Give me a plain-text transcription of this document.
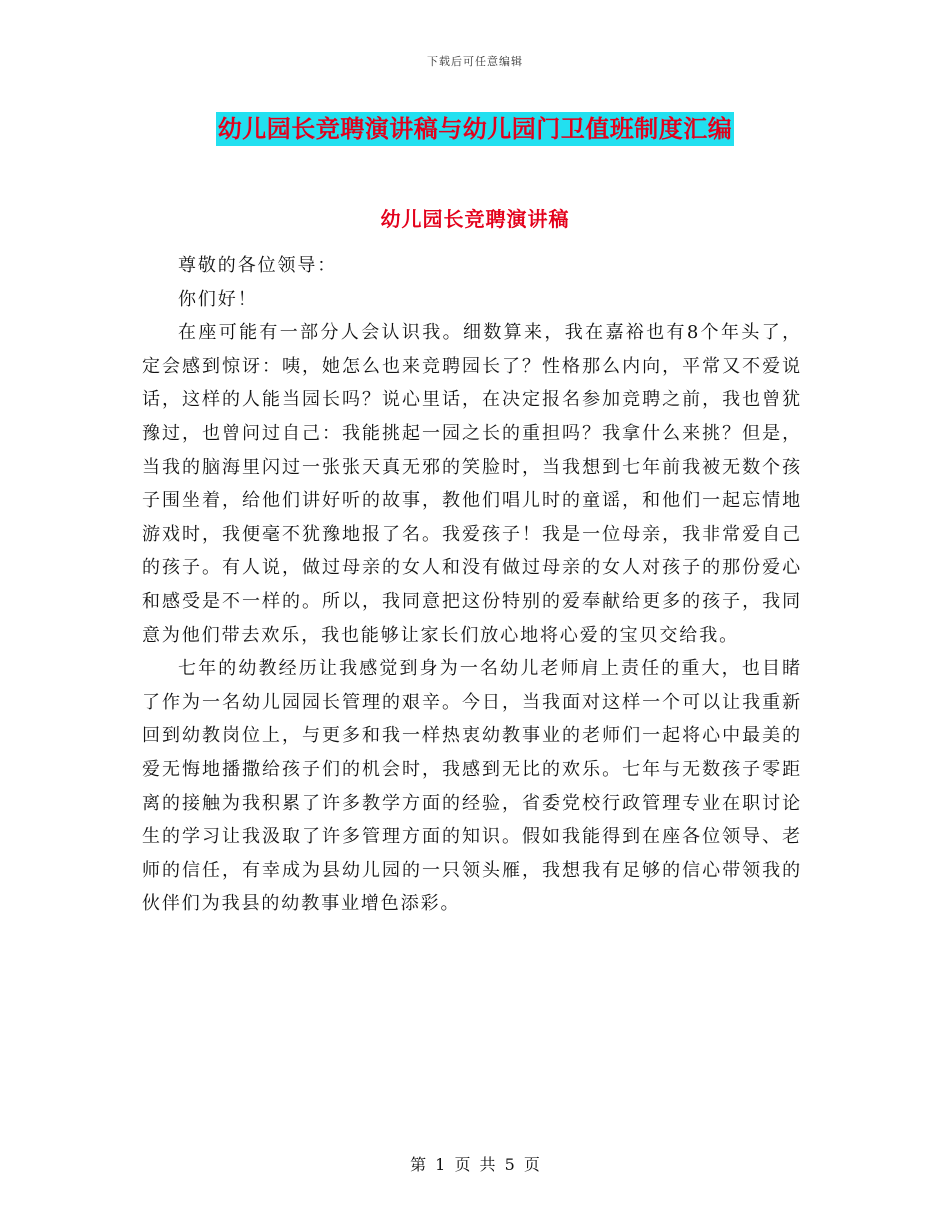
下载后可任意编辑
幼儿园长竞聘演讲稿与幼儿园门卫值班制度汇编
幼儿园长竞聘演讲稿

尊敬的各位领导：

你们好！

在座可能有一部分人会认识我。细数算来，我在嘉裕也有8个年头了，定会感到惊讶：咦，她怎么也来竞聘园长了？性格那么内向，平常又不爱说话，这样的人能当园长吗？说心里话，在决定报名参加竞聘之前，我也曾犹豫过，也曾问过自己：我能挑起一园之长的重担吗？我拿什么来挑？但是，当我的脑海里闪过一张张天真无邪的笑脸时，当我想到七年前我被无数个孩子围坐着，给他们讲好听的故事，教他们唱儿时的童谣，和他们一起忘情地游戏时，我便毫不犹豫地报了名。我爱孩子！我是一位母亲，我非常爱自己的孩子。有人说，做过母亲的女人和没有做过母亲的女人对孩子的那份爱心和感受是不一样的。所以，我同意把这份特别的爱奉献给更多的孩子，我同意为他们带去欢乐，我也能够让家长们放心地将心爱的宝贝交给我。

七年的幼教经历让我感觉到身为一名幼儿老师肩上责任的重大，也目睹了作为一名幼儿园园长管理的艰辛。今日，当我面对这样一个可以让我重新回到幼教岗位上，与更多和我一样热衷幼教事业的老师们一起将心中最美的爱无悔地播撒给孩子们的机会时，我感到无比的欢乐。七年与无数孩子零距离的接触为我积累了许多教学方面的经验，省委党校行政管理专业在职讨论生的学习让我汲取了许多管理方面的知识。假如我能得到在座各位领导、老师的信任，有幸成为县幼儿园的一只领头雁，我想我有足够的信心带领我的伙伴们为我县的幼教事业增色添彩。

第 1 页 共 5 页
